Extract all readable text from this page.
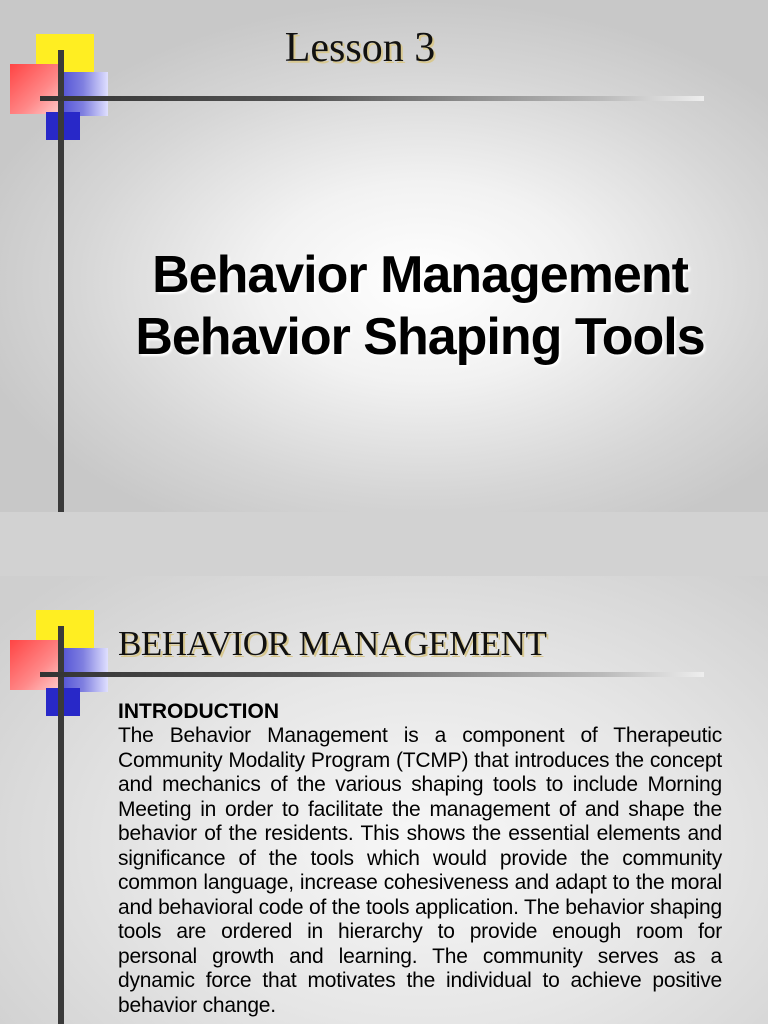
Lesson 3
Behavior Management
Behavior Shaping Tools
BEHAVIOR MANAGEMENT
INTRODUCTION
The Behavior Management is a component of Therapeutic Community Modality Program (TCMP) that introduces the concept and mechanics of the various shaping tools to include Morning Meeting in order to facilitate the management of and shape the behavior of the residents. This shows the essential elements and significance of the tools which would provide the community common language, increase cohesiveness and adapt to the moral and behavioral code of the tools application. The behavior shaping tools are ordered in hierarchy to provide enough room for personal growth and learning. The community serves as a dynamic force that motivates the individual to achieve positive behavior change.
